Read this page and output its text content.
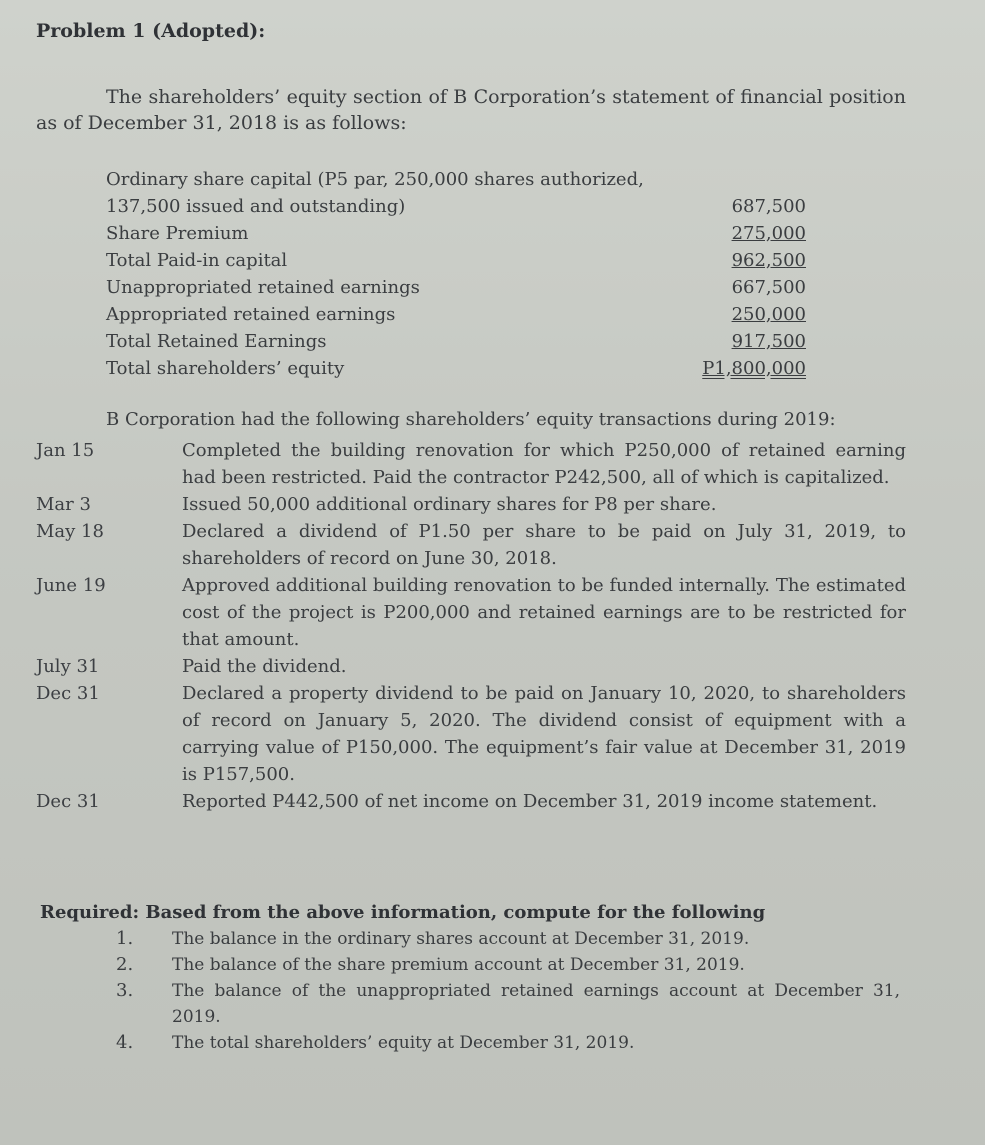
Problem 1 (Adopted):
The shareholders’ equity section of B Corporation’s statement of financial position as of December 31, 2018 is as follows:
Ordinary share capital (P5 par, 250,000 shares authorized,
137,500 issued and outstanding)	687,500
Share Premium	275,000
Total Paid-in capital	962,500
Unappropriated retained earnings	667,500
Appropriated retained earnings	250,000
Total Retained Earnings	917,500
Total shareholders’ equity	P1,800,000
B Corporation had the following shareholders’ equity transactions during 2019:
Jan 15	Completed the building renovation for which P250,000 of retained earning had been restricted. Paid the contractor P242,500, all of which is capitalized.
Mar 3	Issued 50,000 additional ordinary shares for P8 per share.
May 18	Declared a dividend of P1.50 per share to be paid on July 31, 2019, to shareholders of record on June 30, 2018.
June 19	Approved additional building renovation to be funded internally. The estimated cost of the project is P200,000 and retained earnings are to be restricted for that amount.
July 31	Paid the dividend.
Dec 31	Declared a property dividend to be paid on January 10, 2020, to shareholders of record on January 5, 2020. The dividend consist of equipment with a carrying value of P150,000. The equipment’s fair value at December 31, 2019 is P157,500.
Dec 31	Reported P442,500 of net income on December 31, 2019 income statement.
Required: Based from the above information, compute for the following
1.	The balance in the ordinary shares account at December 31, 2019.
2.	The balance of the share premium account at December 31, 2019.
3.	The balance of the unappropriated retained earnings account at December 31, 2019.
4.	The total shareholders’ equity at December 31, 2019.
